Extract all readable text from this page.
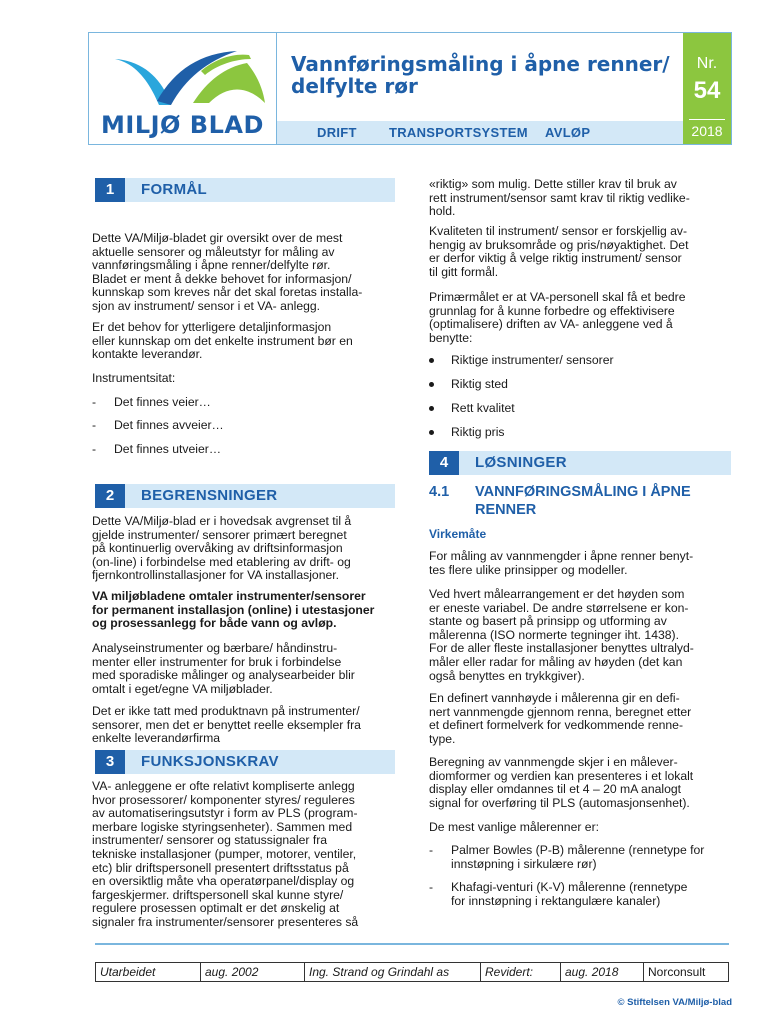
MILJØ BLAD
Vannføringsmåling i åpne renner/
delfylte rør
DRIFT TRANSPORTSYSTEM AVLØP
Nr.
54
2018
1	FORMÅL
Dette VA/Miljø-bladet gir oversikt over de mest
aktuelle sensorer og måleutstyr for måling av
vannføringsmåling i åpne renner/delfylte rør.
Bladet er ment å dekke behovet for informasjon/
kunnskap som kreves når det skal foretas installa-
sjon av instrument/ sensor i et VA- anlegg.
Er det behov for ytterligere detaljinformasjon
eller kunnskap om det enkelte instrument bør en
kontakte leverandør.
Instrumentsitat:
- Det finnes veier…
- Det finnes avveier…
- Det finnes utveier…
2	BEGRENSNINGER
Dette VA/Miljø-blad er i hovedsak avgrenset til å
gjelde instrumenter/ sensorer primært beregnet
på kontinuerlig overvåking av driftsinformasjon
(on-line) i forbindelse med etablering av drift- og
fjernkontrollinstallasjoner for VA installasjoner.
VA miljøbladene omtaler instrumenter/sensorer
for permanent installasjon (online) i utestasjoner
og prosessanlegg for både vann og avløp.
Analyseinstrumenter og bærbare/ håndinstru-
menter eller instrumenter for bruk i forbindelse
med sporadiske målinger og analysearbeider blir
omtalt i eget/egne VA miljøblader.
Det er ikke tatt med produktnavn på instrumenter/
sensorer, men det er benyttet reelle eksempler fra
enkelte leverandørfirma
3	FUNKSJONSKRAV
VA- anleggene er ofte relativt kompliserte anlegg
hvor prosessorer/ komponenter styres/ reguleres
av automatiseringsutstyr i form av PLS (program-
merbare logiske styringsenheter). Sammen med
instrumenter/ sensorer og statussignaler fra
tekniske installasjoner (pumper, motorer, ventiler,
etc) blir driftspersonell presentert driftsstatus på
en oversiktlig måte vha operatørpanel/display og
fargeskjermer. driftspersonell skal kunne styre/
regulere prosessen optimalt er det ønskelig at
signaler fra instrumenter/sensorer presenteres så
«riktig» som mulig. Dette stiller krav til bruk av
rett instrument/sensor samt krav til riktig vedlike-
hold.
Kvaliteten til instrument/ sensor er forskjellig av-
hengig av bruksområde og pris/nøyaktighet. Det
er derfor viktig å velge riktig instrument/ sensor
til gitt formål.
Primærmålet er at VA-personell skal få et bedre
grunnlag for å kunne forbedre og effektivisere
(optimalisere) driften av VA- anleggene ved å
benytte:
Riktige instrumenter/ sensorer
Riktig sted
Rett kvalitet
Riktig pris
4	LØSNINGER
4.1 VANNFØRINGSMÅLING I ÅPNE
RENNER
Virkemåte
For måling av vannmengder i åpne renner benyt-
tes flere ulike prinsipper og modeller.
Ved hvert målearrangement er det høyden som
er eneste variabel. De andre størrelsene er kon-
stante og basert på prinsipp og utforming av
målerenna (ISO normerte tegninger iht. 1438).
For de aller fleste installasjoner benyttes ultralyd-
måler eller radar for måling av høyden (det kan
også benyttes en trykkgiver).
En definert vannhøyde i målerenna gir en defi-
nert vannmengde gjennom renna, beregnet etter
et definert formelverk for vedkommende renne-
type.
Beregning av vannmengde skjer i en målever-
diomformer og verdien kan presenteres i et lokalt
display eller omdannes til et 4 – 20 mA analogt
signal for overføring til PLS (automasjonsenhet).
De mest vanlige målerenner er:
- Palmer Bowles (P-B) målerenne (rennetype for
innstøpning i sirkulære rør)
- Khafagi-venturi (K-V) målerenne (rennetype
for innstøpning i rektangulære kanaler)
Utarbeidet	aug. 2002	Ing. Strand og Grindahl as	Revidert:	aug. 2018	Norconsult
© Stiftelsen VA/Miljø-blad
